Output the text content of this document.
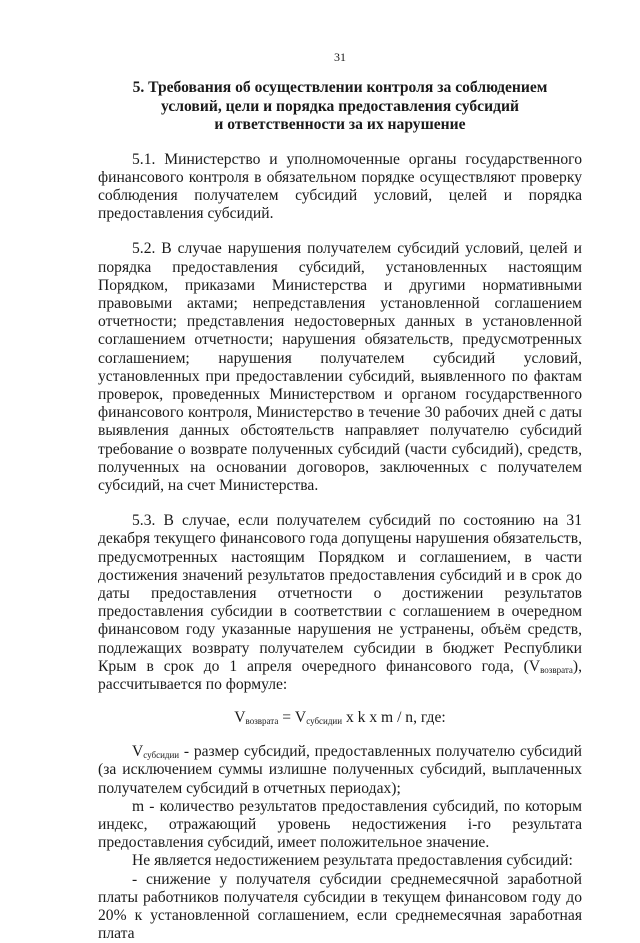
31
5. Требования об осуществлении контроля за соблюдением
условий, цели и порядка предоставления субсидий
и ответственности за их нарушение

5.1. Министерство и уполномоченные органы государственного финансового контроля в обязательном порядке осуществляют проверку соблюдения получателем субсидий условий, целей и порядка предоставления субсидий.

5.2. В случае нарушения получателем субсидий условий, целей и порядка предоставления субсидий, установленных настоящим Порядком, приказами Министерства и другими нормативными правовыми актами; непредставления установленной соглашением отчетности; представления недостоверных данных в установленной соглашением отчетности; нарушения обязательств, предусмотренных соглашением; нарушения получателем субсидий условий, установленных при предоставлении субсидий, выявленного по фактам проверок, проведенных Министерством и органом государственного финансового контроля, Министерство в течение 30 рабочих дней с даты выявления данных обстоятельств направляет получателю субсидий требование о возврате полученных субсидий (части субсидий), средств, полученных на основании договоров, заключенных с получателем субсидий, на счет Министерства.

5.3. В случае, если получателем субсидий по состоянию на 31 декабря текущего финансового года допущены нарушения обязательств, предусмотренных настоящим Порядком и соглашением, в части достижения значений результатов предоставления субсидий и в срок до даты предоставления отчетности о достижении результатов предоставления субсидии в соответствии с соглашением в очередном финансовом году указанные нарушения не устранены, объём средств, подлежащих возврату получателем субсидии в бюджет Республики Крым в срок до 1 апреля очередного финансового года, $(V_{возврата})$, рассчитывается по формуле:

$V_{возврата} = V_{субсидии}$ x k x m / n, где:

$V_{субсидии}$ - размер субсидий, предоставленных получателю субсидий (за исключением суммы излишне полученных субсидий, выплаченных получателем субсидий в отчетных периодах);

m - количество результатов предоставления субсидий, по которым индекс, отражающий уровень недостижения i-го результата предоставления субсидий, имеет положительное значение.

Не является недостижением результата предоставления субсидий:

- снижение у получателя субсидии среднемесячной заработной платы работников получателя субсидии в текущем финансовом году до 20% к установленной соглашением, если среднемесячная заработная плата
